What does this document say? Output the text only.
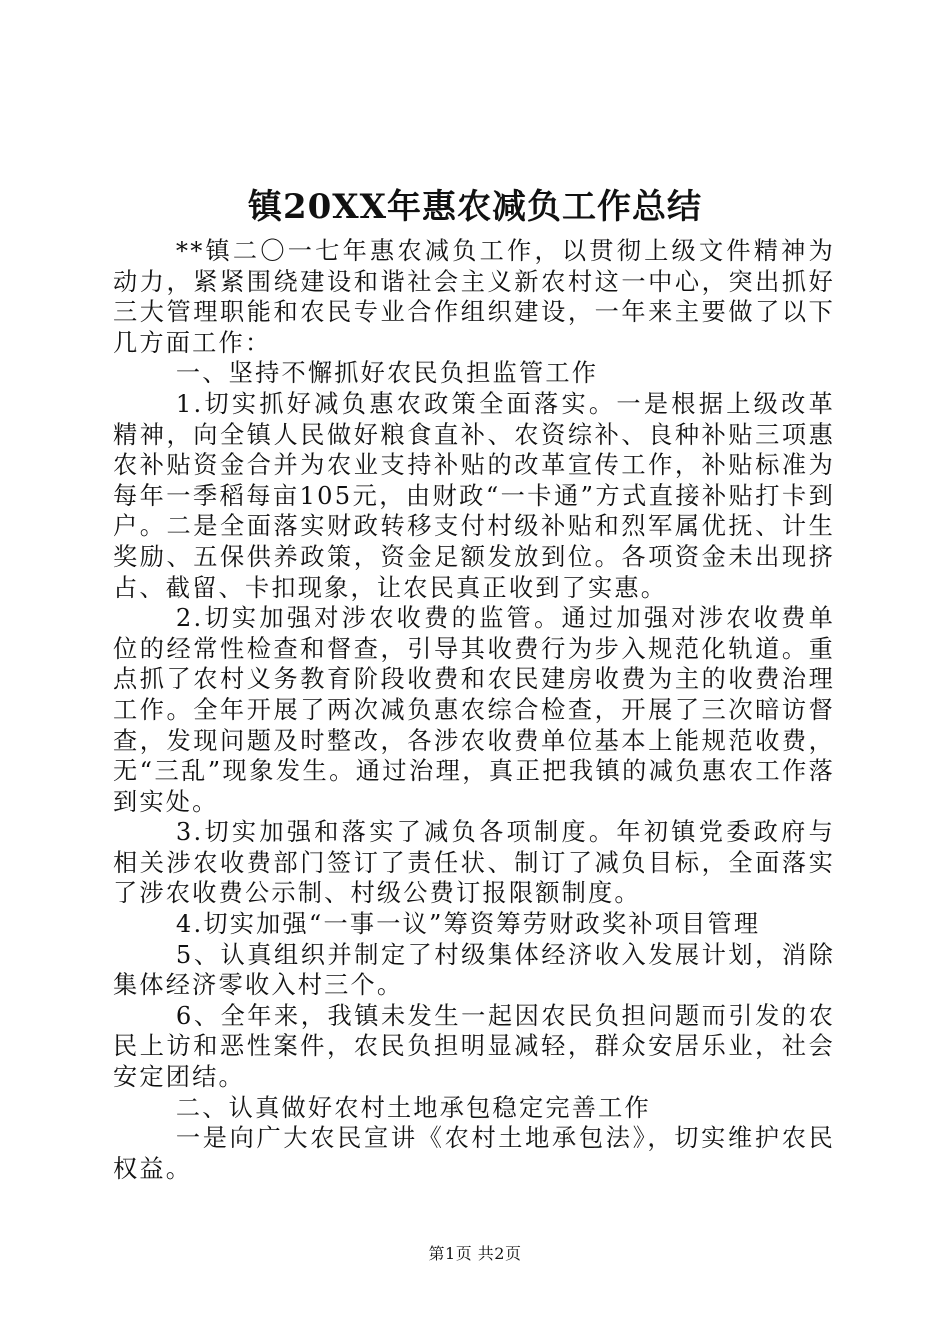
镇20XX年惠农减负工作总结

**镇二〇一七年惠农减负工作，以贯彻上级文件精神为动力，紧紧围绕建设和谐社会主义新农村这一中心，突出抓好三大管理职能和农民专业合作组织建设，一年来主要做了以下几方面工作：

一、坚持不懈抓好农民负担监管工作

1.切实抓好减负惠农政策全面落实。一是根据上级改革精神，向全镇人民做好粮食直补、农资综补、良种补贴三项惠农补贴资金合并为农业支持补贴的改革宣传工作，补贴标准为每年一季稻每亩105元，由财政“一卡通”方式直接补贴打卡到户。二是全面落实财政转移支付村级补贴和烈军属优抚、计生奖励、五保供养政策，资金足额发放到位。各项资金未出现挤占、截留、卡扣现象，让农民真正收到了实惠。

2.切实加强对涉农收费的监管。通过加强对涉农收费单位的经常性检查和督查，引导其收费行为步入规范化轨道。重点抓了农村义务教育阶段收费和农民建房收费为主的收费治理工作。全年开展了两次减负惠农综合检查，开展了三次暗访督查，发现问题及时整改，各涉农收费单位基本上能规范收费，无“三乱”现象发生。通过治理，真正把我镇的减负惠农工作落到实处。

3.切实加强和落实了减负各项制度。年初镇党委政府与相关涉农收费部门签订了责任状、制订了减负目标，全面落实了涉农收费公示制、村级公费订报限额制度。

4.切实加强“一事一议”筹资筹劳财政奖补项目管理

5、认真组织并制定了村级集体经济收入发展计划，消除集体经济零收入村三个。

6、全年来，我镇未发生一起因农民负担问题而引发的农民上访和恶性案件，农民负担明显减轻，群众安居乐业，社会安定团结。

二、认真做好农村土地承包稳定完善工作

一是向广大农民宣讲《农村土地承包法》，切实维护农民权益。

第1页 共2页
